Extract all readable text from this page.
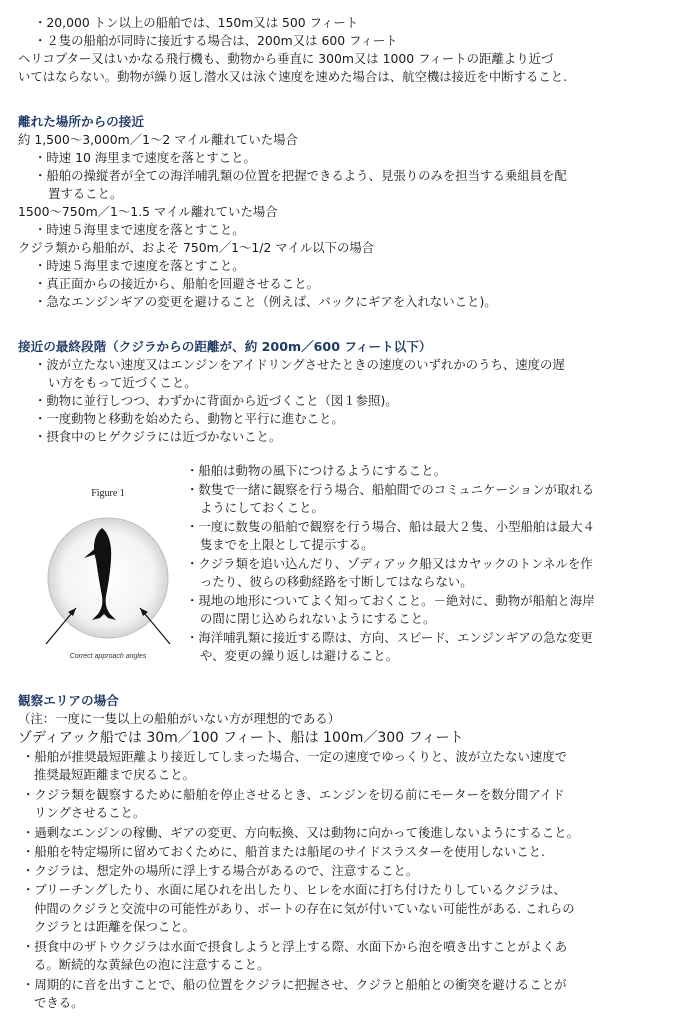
・20,000 トン以上の船舶では、150m又は 500 フィート
・２隻の船舶が同時に接近する場合は、200m又は 600 フィート
ヘリコプター又はいかなる飛行機も、動物から垂直に 300m又は 1000 フィートの距離より近づ
いてはならない。動物が繰り返し潜水又は泳ぐ速度を速めた場合は、航空機は接近を中断すること.
離れた場所からの接近
約 1,500～3,000m／1～2 マイル離れていた場合
・時速 10 海里まで速度を落とすこと。
・船舶の操縦者が全ての海洋哺乳類の位置を把握できるよう、見張りのみを担当する乗組員を配
置すること。
1500～750m／1～1.5 マイル離れていた場合
・時速５海里まで速度を落とすこと。
クジラ類から船舶が、およそ 750m／1～1/2 マイル以下の場合
・時速５海里まで速度を落とすこと。
・真正面からの接近から、船舶を回避させること。
・急なエンジンギアの変更を避けること（例えば、バックにギアを入れないこと)。
接近の最終段階（クジラからの距離が、約 200m／600 フィート以下）
・波が立たない速度又はエンジンをアイドリングさせたときの速度のいずれかのうち、速度の遅
い方をもって近づくこと。
・動物に並行しつつ、わずかに背面から近づくこと（図１参照)。
・一度動物と移動を始めたら、動物と平行に進むこと。
・摂食中のヒゲクジラには近づかないこと。
Figure 1
Correct approach angles
・船舶は動物の風下につけるようにすること。
・数隻で一緒に観察を行う場合、船舶間でのコミュニケーションが取れる
ようにしておくこと。
・一度に数隻の船舶で観察を行う場合、船は最大２隻、小型船舶は最大４
隻までを上限として提示する。
・クジラ類を追い込んだり、ゾディアック船又はカヤックのトンネルを作
ったり、彼らの移動経路を寸断してはならない。
・現地の地形についてよく知っておくこと。－絶対に、動物が船舶と海岸
の間に閉じ込められないようにすること。
・海洋哺乳類に接近する際は、方向、スピード、エンジンギアの急な変更
や、変更の繰り返しは避けること。
観察エリアの場合
（注：一度に一隻以上の船舶がいない方が理想的である）
ゾディアック船では 30m／100 フィート、船は 100m／300 フィート
・船舶が推奨最短距離より接近してしまった場合、一定の速度でゆっくりと、波が立たない速度で
推奨最短距離まで戻ること。
・クジラ類を観察するために船舶を停止させるとき、エンジンを切る前にモーターを数分間アイド
リングさせること。
・過剰なエンジンの稼働、ギアの変更、方向転換、又は動物に向かって後進しないようにすること。
・船舶を特定場所に留めておくために、船首または船尾のサイドスラスターを使用しないこと.
・クジラは、想定外の場所に浮上する場合があるので、注意すること。
・ブリーチングしたり、水面に尾ひれを出したり、ヒレを水面に打ち付けたりしているクジラは、
仲間のクジラと交流中の可能性があり、ボートの存在に気が付いていない可能性がある. これらの
クジラとは距離を保つこと。
・摂食中のザトウクジラは水面で摂食しようと浮上する際、水面下から泡を噴き出すことがよくあ
る。断続的な黄緑色の泡に注意すること。
・周期的に音を出すことで、船の位置をクジラに把握させ、クジラと船舶との衝突を避けることが
できる。
